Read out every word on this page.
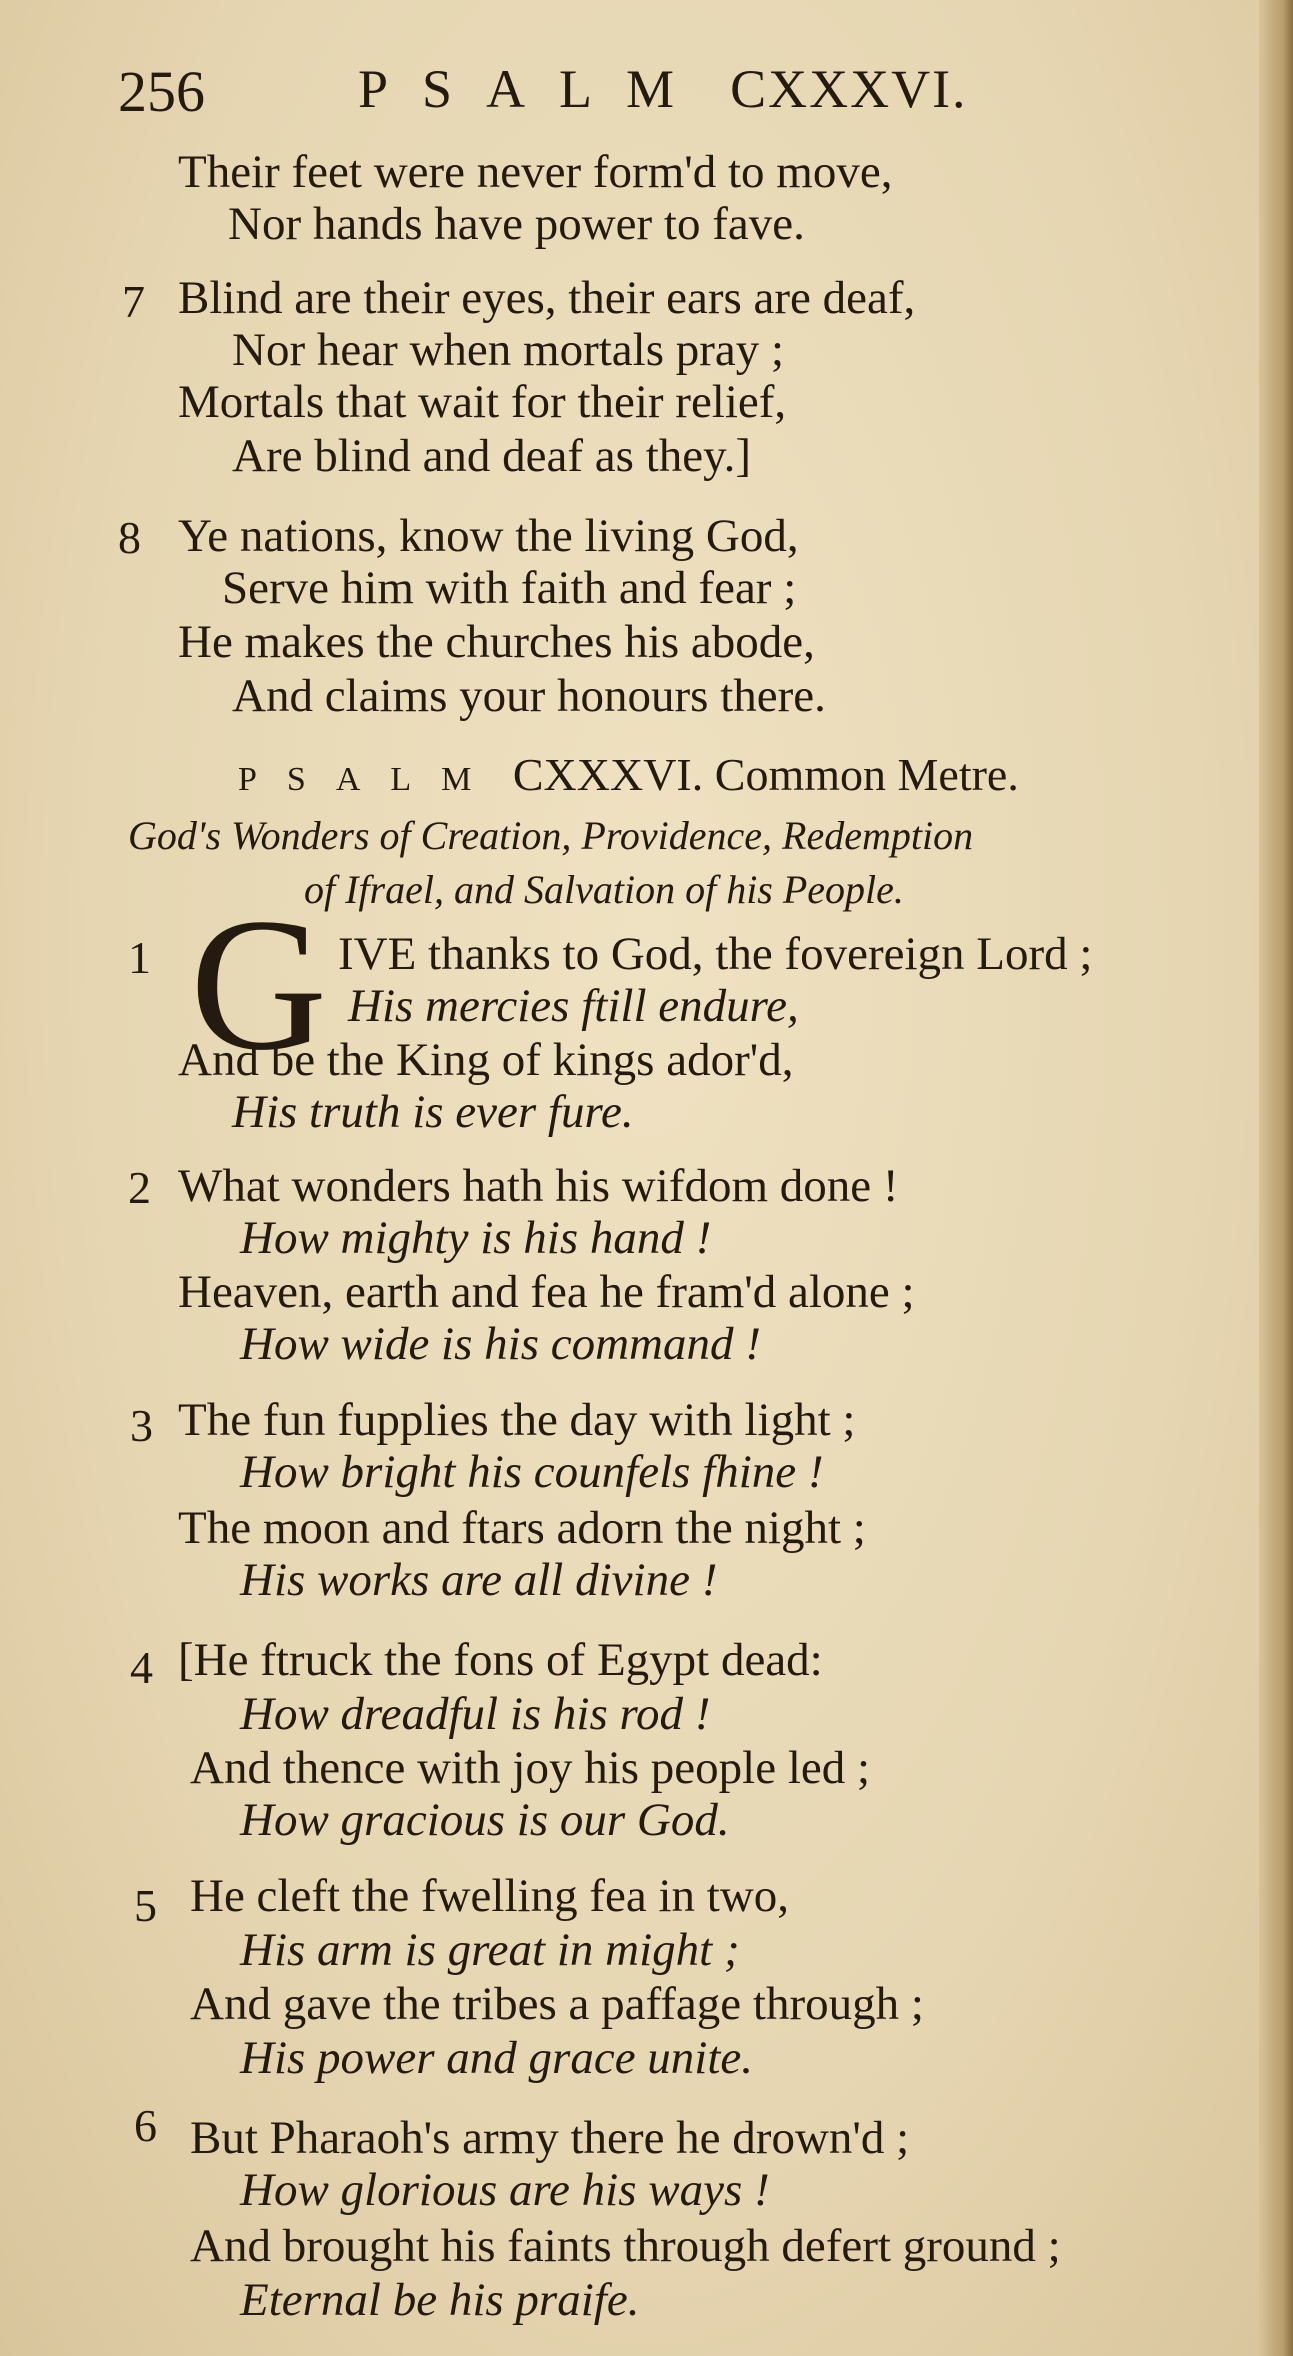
256	PSALM CXXXVI.
Their feet were never form'd to move,
Nor hands have power to fave.
7 Blind are their eyes, their ears are deaf,
Nor hear when mortals pray ;
Mortals that wait for their relief,
Are blind and deaf as they.]
8 Ye nations, know the living God,
Serve him with faith and fear ;
He makes the churches his abode,
And claims your honours there.
PSALM CXXXVI. Common Metre.
God's Wonders of Creation, Providence, Redemption
of Ifrael, and Salvation of his People.
1 G IVE thanks to God, the fovereign Lord ;
His mercies ftill endure,
And be the King of kings ador'd,
His truth is ever fure.
2 What wonders hath his wifdom done !
How mighty is his hand !
Heaven, earth and fea he fram'd alone ;
How wide is his command !
3 The fun fupplies the day with light ;
How bright his counfels fhine !
The moon and ftars adorn the night ;
His works are all divine !
4 [He ftruck the fons of Egypt dead:
How dreadful is his rod !
And thence with joy his people led ;
How gracious is our God.
5 He cleft the fwelling fea in two,
His arm is great in might ;
And gave the tribes a paffage through ;
His power and grace unite.
6 But Pharaoh's army there he drown'd ;
How glorious are his ways !
And brought his faints through defert ground ;
Eternal be his praife.
